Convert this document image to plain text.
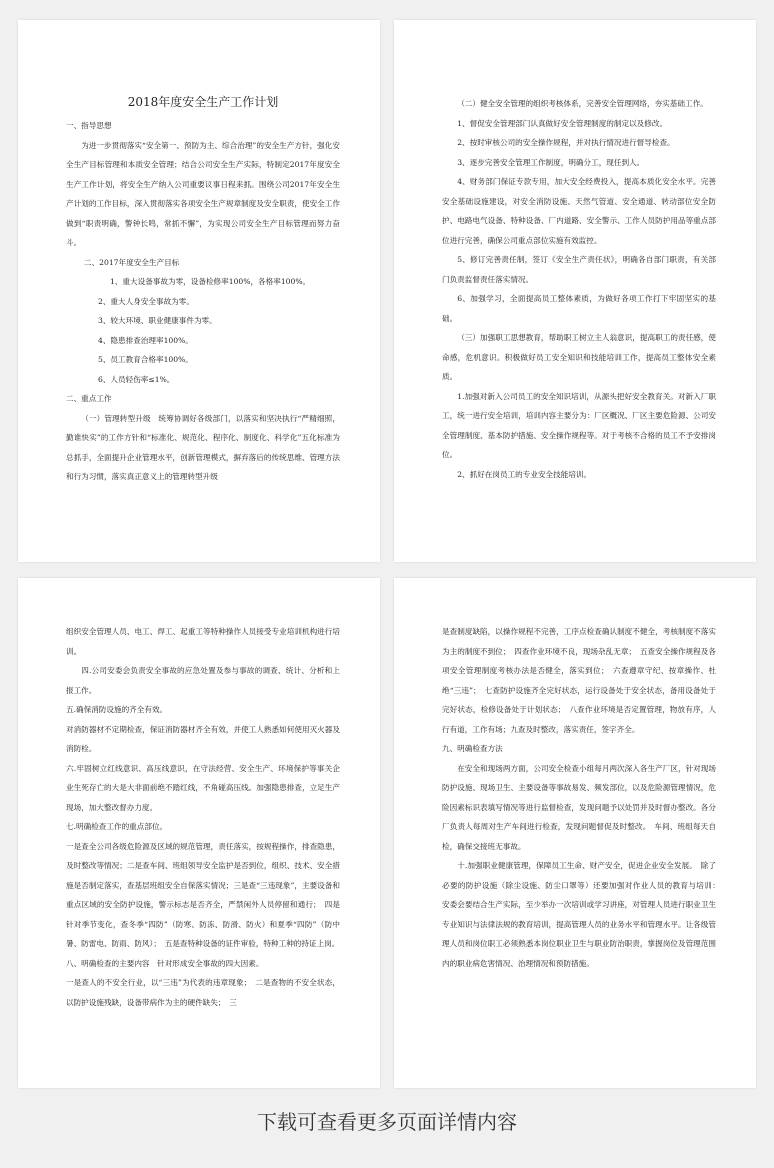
2018年度安全生产工作计划

一、指导思想

为进一步贯彻落实“安全第一、预防为主、综合治理”的安全生产方针，强化安全生产目标管理和本质安全管理；结合公司安全生产实际，特制定2017年度安全生产工作计划，将安全生产纳入公司重要议事日程来抓。围绕公司2017年安全生产计划的工作目标，深入贯彻落实各项安全生产规章制度及安全职责，使安全工作做到“职责明确，警钟长鸣，常抓不懈”，为实现公司安全生产目标管理而努力奋斗。

二、2017年度安全生产目标

1、重大设备事故为零，设备检修率100%，各格率100%。

2、重大人身安全事故为零。

3、较大环境、职业健康事件为零。

4、隐患排查治理率100%。

5、员工教育合格率100%。

6、人员轻伤率≤1%。

二、重点工作

（一）管理转型升级　统筹协调好各级部门，以落实和坚决执行“严精细照，勤谁快实”的工作方针和“标准化、规范化、程序化、制度化、科学化”五化标准为总抓手，全面提升企业管理水平，创新管理模式，摒弃落后的传统思维、管理方法和行为习惯，落实真正意义上的管理转型升级

（二）健全安全管理的组织考核体系，完善安全管理网络，夯实基础工作。

1、督促安全管理部门认真做好安全管理制度的制定以及修改。

2、按时审核公司的安全操作规程，并对执行情况进行督导检查。

3、逐步完善安全管理工作制度，明确分工，现任到人。

4、财务部门保证专款专用，加大安全经费投入，提高本质化安全水平。完善安全基础设施建设，对安全消防设施、天然气管道、安全通道、转动部位安全防护、电路电气设备、特种设备、厂内道路、安全警示、工作人员防护用品等重点部位进行完善，确保公司重点部位实施有效监控。

5、修订完善责任制，签订《安全生产责任状》，明确各自部门职责，有关部门负责监督责任落实情况。

6、加强学习，全面提高员工整体素质，为做好各项工作打下牢固坚实的基础。

（三）加强职工思想教育，帮助职工树立主人翁意识，提高职工的责任感，使命感，危机意识。积极做好员工安全知识和技能培训工作，提高员工整体安全素质。

1.加强对新入公司员工的安全知识培训，从源头把好安全教育关。对新入厂职工，统一进行安全培训，培训内容主要分为：厂区概况、厂区主要危险源、公司安全管理制度、基本防护措施、安全操作规程等。对于考核不合格的员工不予安排岗位。

2、抓好在岗员工的专业安全技能培训。

组织安全管理人员、电工、焊工、起重工等特种操作人员接受专业培训机构进行培训。

四.公司安委会负责安全事故的应急处置及参与事故的调查、统计、分析和上报工作。

五.确保消防设施的齐全有效。

对消防器材不定期检查，保证消防器材齐全有效，并使工人熟悉如何使用灭火器及消防栓。

六.牢固树立红线意识、高压线意识，在守法经营、安全生产、环境保护等事关企业生死存亡的大是大非面前绝不踏红线，不角碰高压线。加强隐患排查，立足生产现场，加大整改督办力度。

七.明确检查工作的重点部位。

一是查全公司各级危险源及区域的规范管理，责任落实，按规程操作，排查隐患，及时整改等情况；二是查车间、班组领导安全监护是否到位，组织、技术、安全措施是否制定落实，查基层班组安全自保落实情况；三是查“三违现象”，主要设备和重点区域的安全防护设施，警示标志是否齐全，严禁闲外人员停留和通行；　四是针对季节变化，查冬季“四防”（防寒、防冻、防滑、防火）和夏季“四防”（防中暑、防雷电、防雨、防风）；　五是查特种设备的证件审验，特种工种的持证上岗。

八、明确检查的主要内容　针对形成安全事故的四大因素。

一是查人的不安全行业，以“三违”为代表的违章现象；　二是查物的不安全状态，以防护设施残缺，设备带病作为主的硬件缺失；　三

是查制度缺陷，以操作规程不完善，工序点检查确认制度不健全，考核制度不落实为主的制度不到位；　四查作业环境不良，现场杂乱无章；　五查安全操作规程及各项安全管理制度考核办法是否健全，落实到位；　六查遵章守纪、按章操作、杜绝“三违”；　七查防护设施齐全完好状态，运行设备处于安全状态，备用设备处于完好状态，检修设备处于计划状态；　八查作业环境是否定置管理，物放有序，人行有道，工作有场；九查及时整改，落实责任，签字齐全。

九、明确检查方法

在安全和现场两方面，公司安全检查小组每月两次深入各生产厂区，针对现场防护设施、现场卫生、主要设备等事故易发、频发部位，以及危险源管理情况，危险因素标识表填写情况等进行监督检查，发现问题予以处罚并及时督办整改。各分厂负责人每周对生产车间进行检查，发现问题督促及时整改。　车间、班组每天自检，确保交接班无事故。

十.加强职业健康管理，保障员工生命、财产安全，促进企业安全发展。　除了必要的防护设施（除尘设施、防尘口罩等）还要加强对作业人员的教育与培训：　安委会要结合生产实际，至少举办一次培训或学习讲座，对管理人员进行职业卫生专业知识与法律法规的教育培训，提高管理人员的业务水平和管理水平。让各级管理人员和岗位职工必须熟悉本岗位职业卫生与职业防治职责，掌握岗位及管理范围内的职业病危害情况、治理情况和预防措施。

下载可查看更多页面详情内容
